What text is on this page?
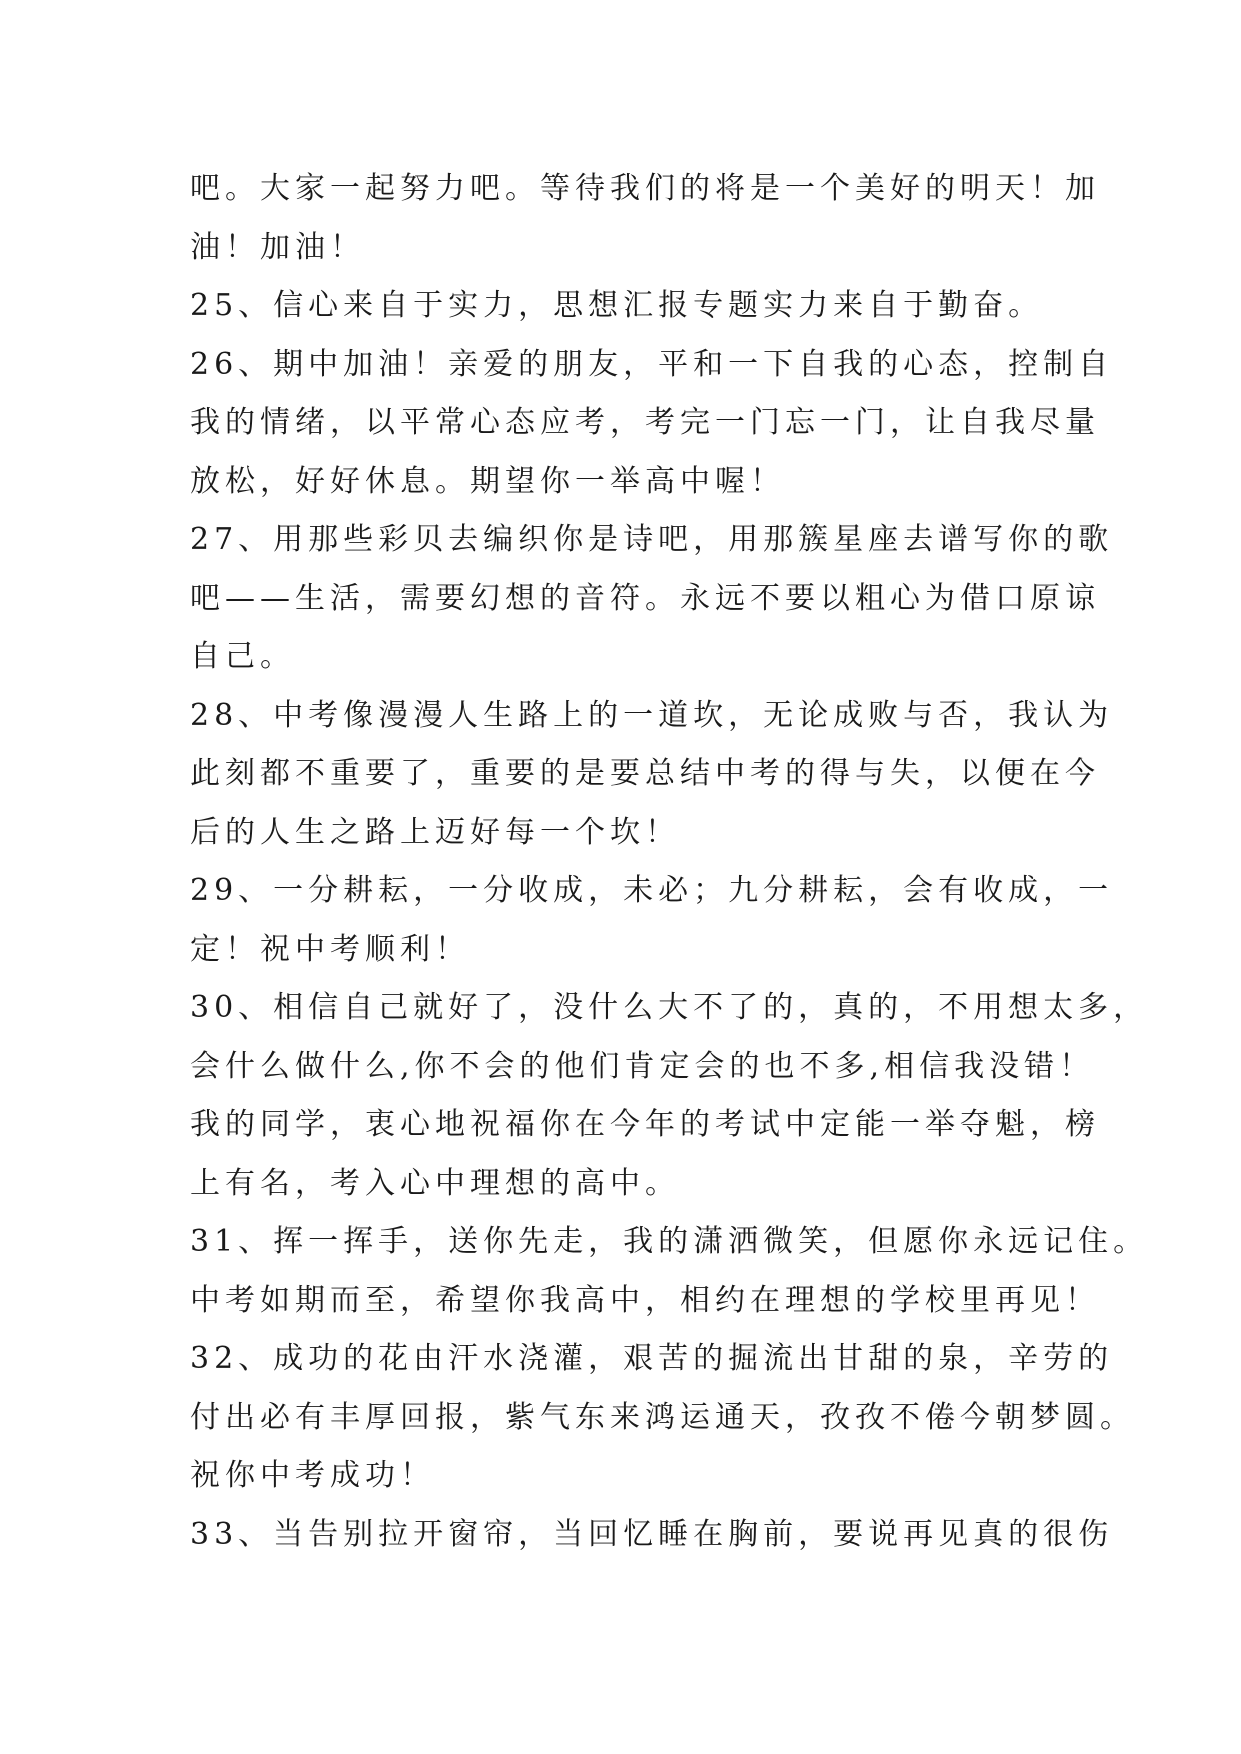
吧。大家一起努力吧。等待我们的将是一个美好的明天！加
油！加油！
25、信心来自于实力，思想汇报专题实力来自于勤奋。
26、期中加油！亲爱的朋友，平和一下自我的心态，控制自
我的情绪，以平常心态应考，考完一门忘一门，让自我尽量
放松，好好休息。期望你一举高中喔！
27、用那些彩贝去编织你是诗吧，用那簇星座去谱写你的歌
吧——生活，需要幻想的音符。永远不要以粗心为借口原谅
自己。
28、中考像漫漫人生路上的一道坎，无论成败与否，我认为
此刻都不重要了，重要的是要总结中考的得与失，以便在今
后的人生之路上迈好每一个坎！
29、一分耕耘，一分收成，未必；九分耕耘，会有收成，一
定！祝中考顺利！
30、相信自己就好了，没什么大不了的，真的，不用想太多，
会什么做什么,你不会的他们肯定会的也不多,相信我没错！
我的同学，衷心地祝福你在今年的考试中定能一举夺魁，榜
上有名，考入心中理想的高中。
31、挥一挥手，送你先走，我的潇洒微笑，但愿你永远记住。
中考如期而至，希望你我高中，相约在理想的学校里再见！
32、成功的花由汗水浇灌，艰苦的掘流出甘甜的泉，辛劳的
付出必有丰厚回报，紫气东来鸿运通天，孜孜不倦今朝梦圆。
祝你中考成功！
33、当告别拉开窗帘，当回忆睡在胸前，要说再见真的很伤
